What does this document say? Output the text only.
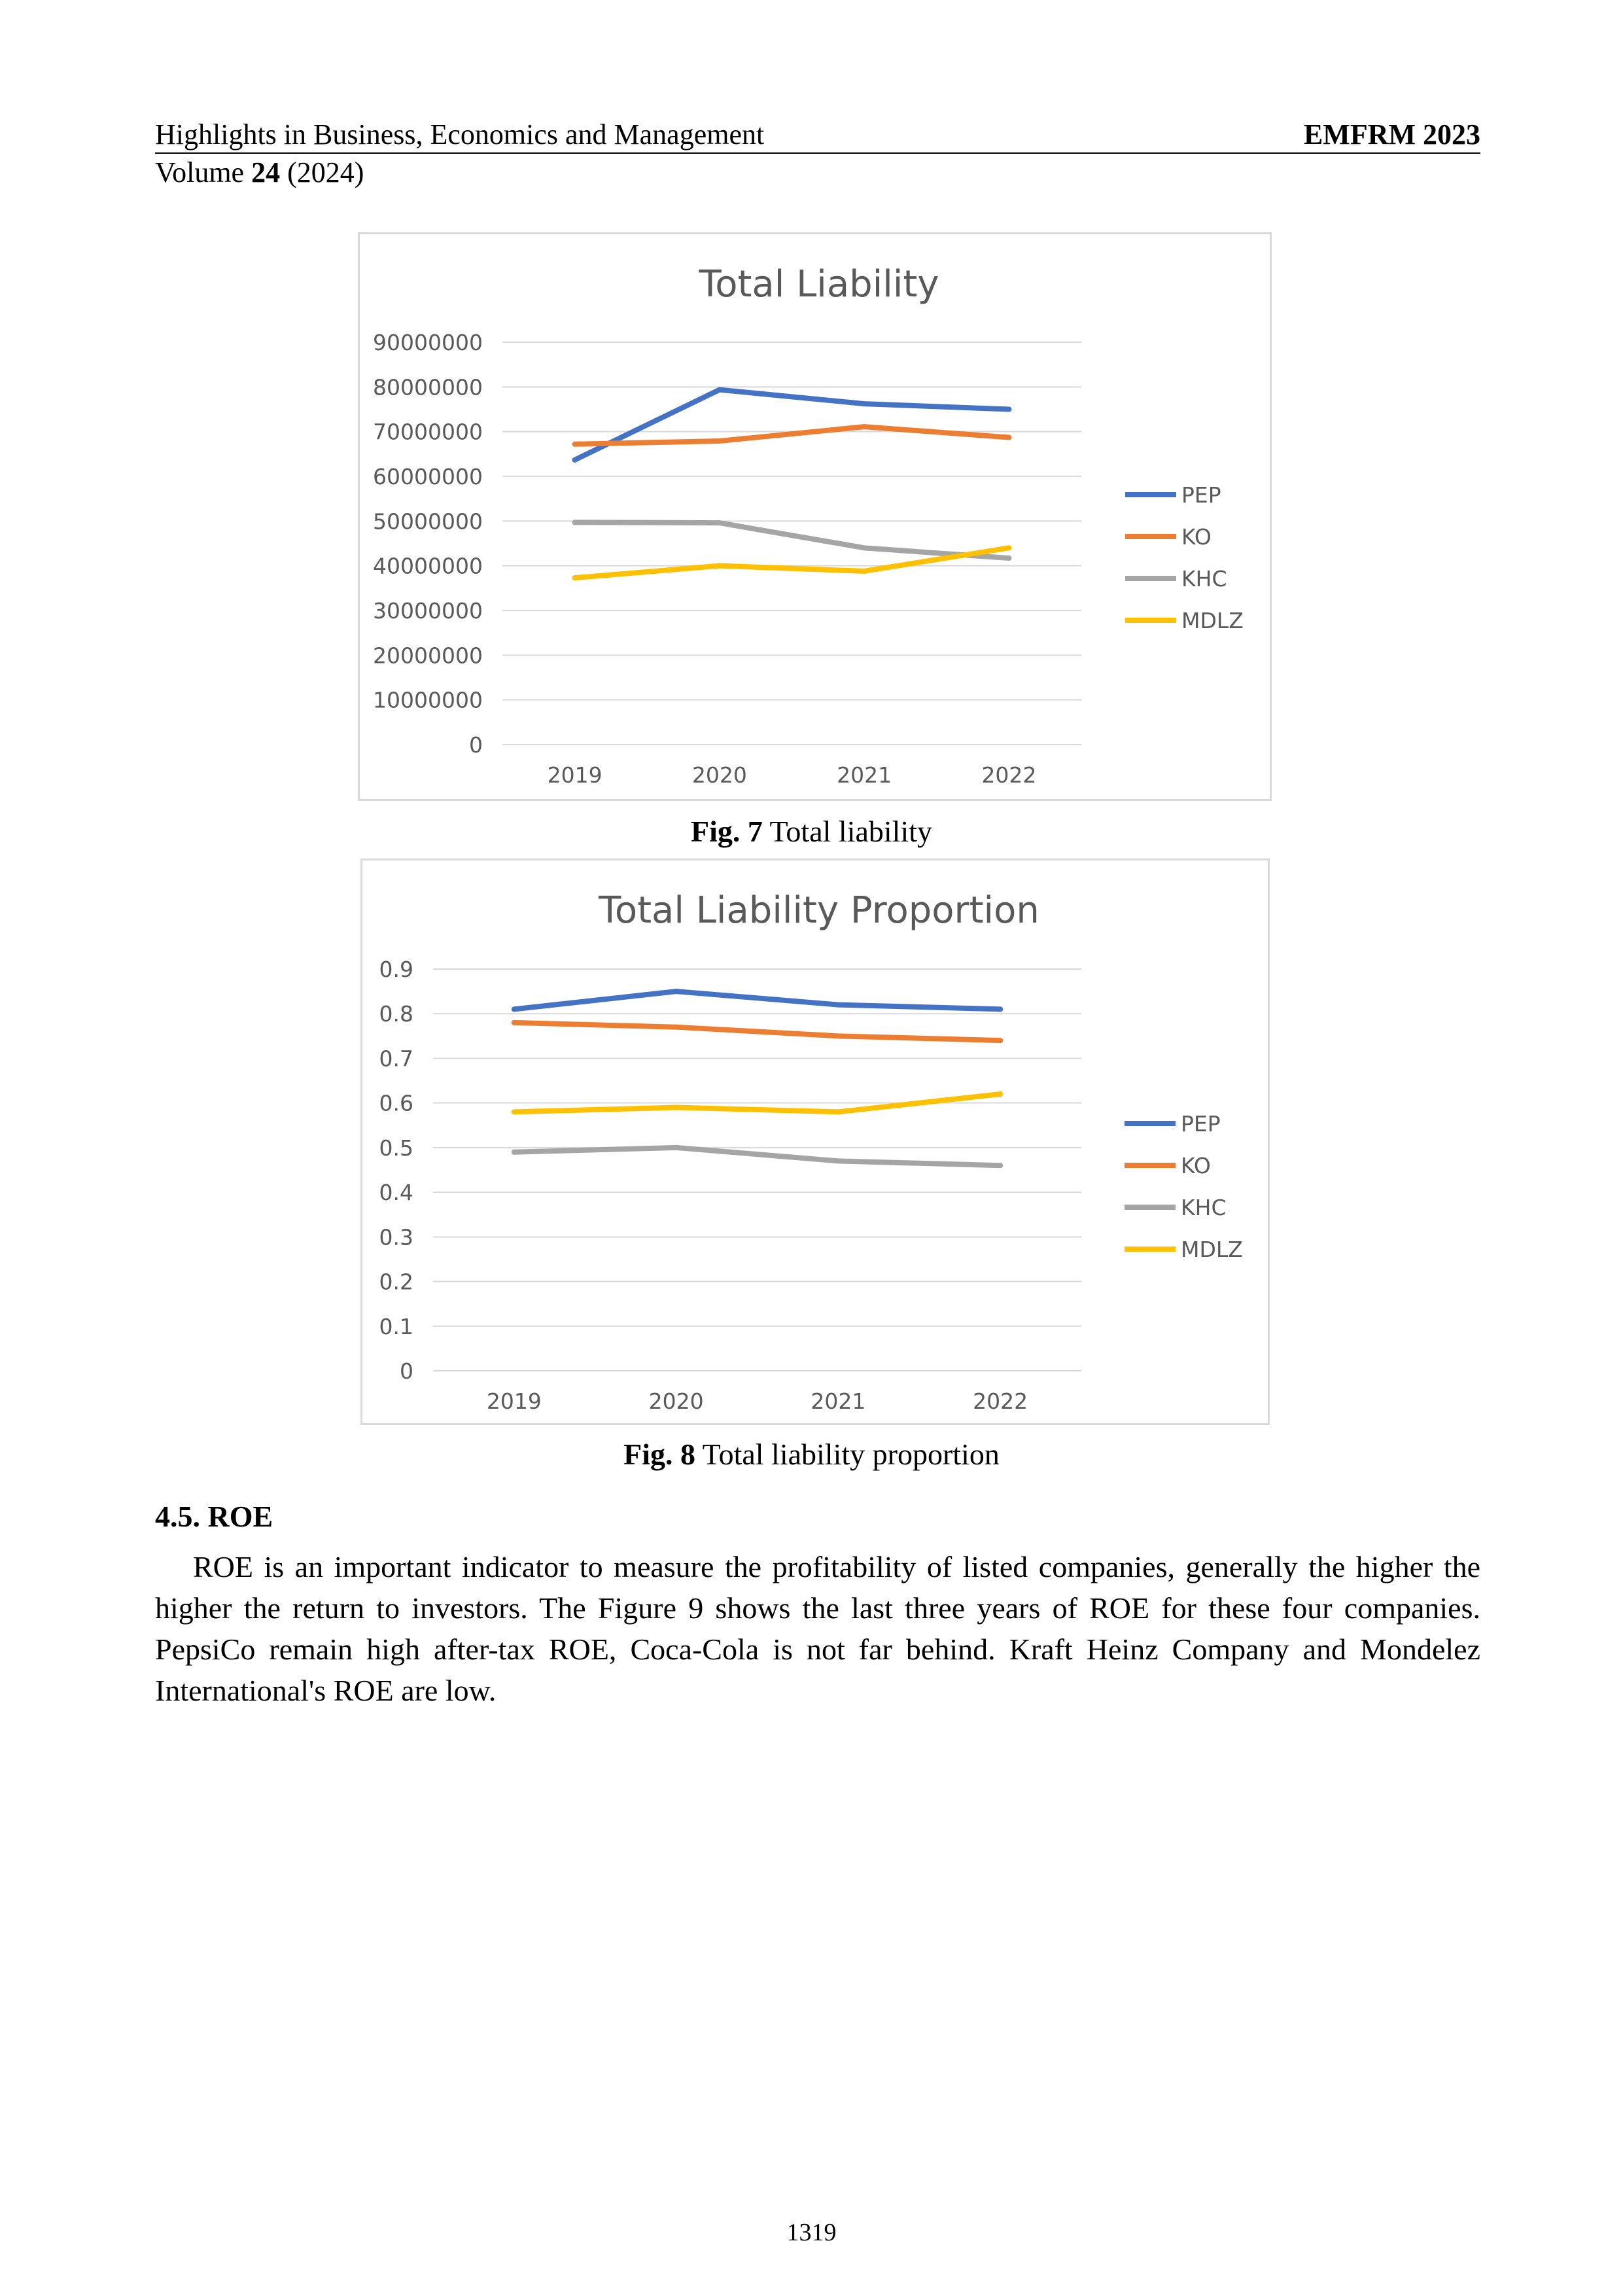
Highlights in Business, Economics and Management	EMFRM 2023
Volume 24 (2024)
Total Liability
0
10000000
20000000
30000000
40000000
50000000
60000000
70000000
80000000
90000000
2019	2020	2021	2022
PEP
KO
KHC
MDLZ
Fig. 7 Total liability
Total Liability Proportion
0
0.1
0.2
0.3
0.4
0.5
0.6
0.7
0.8
0.9
2019	2020	2021	2022
PEP
KO
KHC
MDLZ
Fig. 8 Total liability proportion
4.5. ROE
ROE is an important indicator to measure the profitability of listed companies, generally the higher the higher the return to investors. The Figure 9 shows the last three years of ROE for these four companies. PepsiCo remain high after-tax ROE, Coca-Cola is not far behind. Kraft Heinz Company and Mondelez International's ROE are low.
1319
